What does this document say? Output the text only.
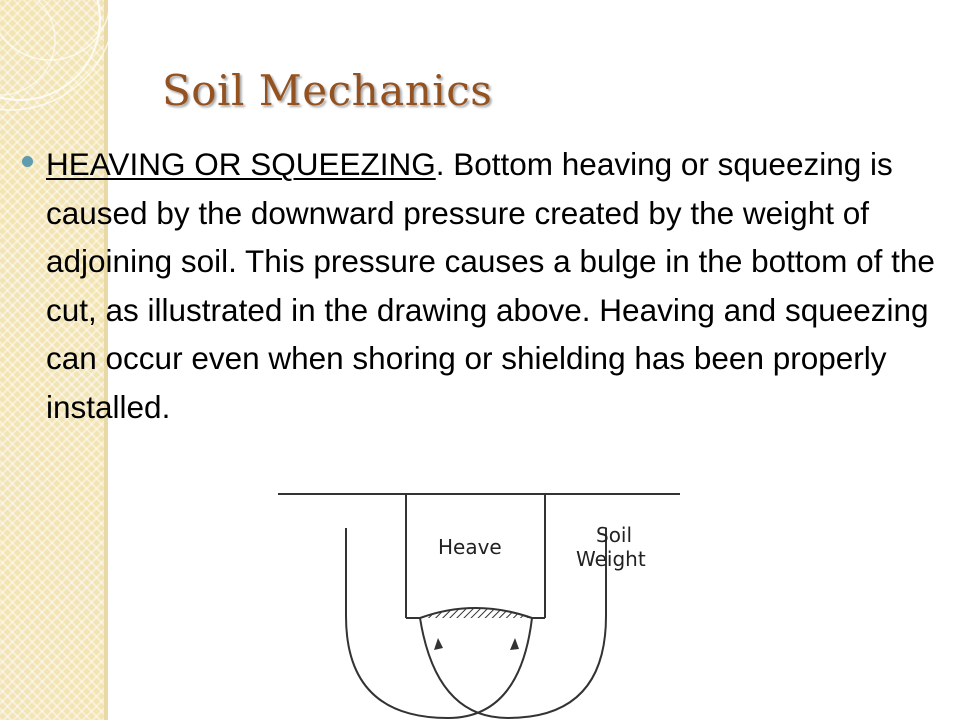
Soil Mechanics

HEAVING OR SQUEEZING. Bottom heaving or squeezing is caused by the downward pressure created by the weight of adjoining soil. This pressure causes a bulge in the bottom of the cut, as illustrated in the drawing above. Heaving and squeezing can occur even when shoring or shielding has been properly installed.

Heave	Soil
Weight
